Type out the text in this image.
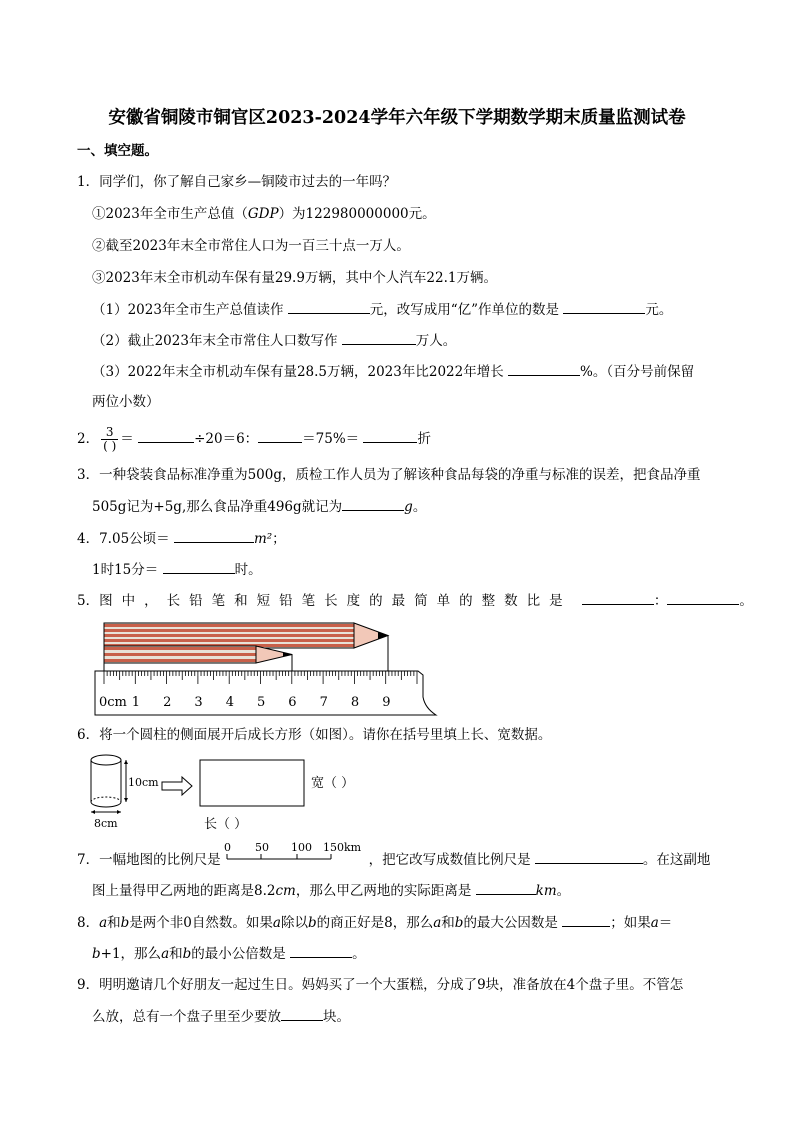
安徽省铜陵市铜官区2023-2024学年六年级下学期数学期末质量监测试卷
一、填空题。
1．同学们，你了解自己家乡—铜陵市过去的一年吗？
①2023年全市生产总值（GDP）为122980000000元。
②截至2023年末全市常住人口为一百三十点一万人。
③2023年末全市机动车保有量29.9万辆，其中个人汽车22.1万辆。
（1）2023年全市生产总值读作	元，改写成用“亿”作单位的数是	元。
（2）截止2023年末全市常住人口数写作	万人。
（3）2022年末全市机动车保有量28.5万辆，2023年比2022年增长	%。（百分号前保留
两位小数）
2． $\frac{3}{( )}$ ＝	÷20＝6：	＝75%＝	折
3．一种袋装食品标准净重为500g，质检工作人员为了解该种食品每袋的净重与标准的误差，把食品净重
505g记为+5g,那么食品净重496g就记为	g。
4．7.05公顷＝	m²；
1时15分＝	时。
5．图中，长铅笔和短铅笔长度的最简单的整数比是	：	。
0cm 1 2 3 4 5 6 7 8 9
6．将一个圆柱的侧面展开后成长方形（如图）。请你在括号里填上长、宽数据。
10cm
8cm
宽（ ）
长（ ）
7．一幅地图的比例尺是
0 50 100 150km
，把它改写成数值比例尺是	。在这副地
图上量得甲乙两地的距离是8.2cm，那么甲乙两地的实际距离是	km。
8．a和b是两个非0自然数。如果a除以b的商正好是8，那么a和b的最大公因数是	；如果a＝
b+1，那么a和b的最小公倍数是	。
9．明明邀请几个好朋友一起过生日。妈妈买了一个大蛋糕，分成了9块，准备放在4个盘子里。不管怎
么放，总有一个盘子里至少要放	块。
